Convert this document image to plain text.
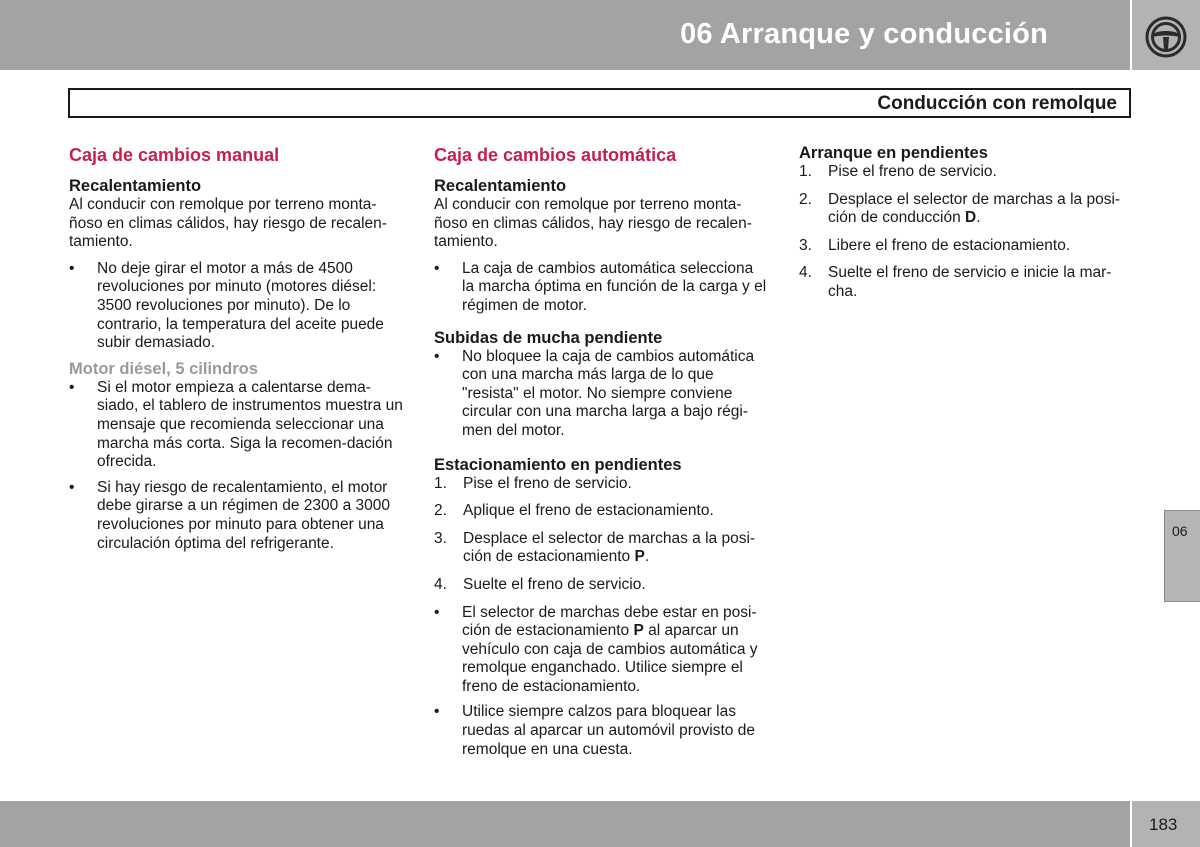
06 Arranque y conducción
Conducción con remolque
Caja de cambios manual
Recalentamiento

Al conducir con remolque por terreno monta-ñoso en climas cálidos, hay riesgo de recalen-tamiento.

•	No deje girar el motor a más de 4500 revoluciones por minuto (motores diésel: 3500 revoluciones por minuto). De lo contrario, la temperatura del aceite puede subir demasiado.
Motor diésel, 5 cilindros
•	Si el motor empieza a calentarse dema-siado, el tablero de instrumentos muestra un mensaje que recomienda seleccionar una marcha más corta. Siga la recomen-dación ofrecida.
•	Si hay riesgo de recalentamiento, el motor debe girarse a un régimen de 2300 a 3000 revoluciones por minuto para obtener una circulación óptima del refrigerante.
Caja de cambios automática
Recalentamiento

Al conducir con remolque por terreno monta-ñoso en climas cálidos, hay riesgo de recalen-tamiento.

•	La caja de cambios automática selecciona la marcha óptima en función de la carga y el régimen de motor.
Subidas de mucha pendiente
•	No bloquee la caja de cambios automática con una marcha más larga de lo que "resista" el motor. No siempre conviene circular con una marcha larga a bajo régi-men del motor.
Estacionamiento en pendientes
1.	Pise el freno de servicio.
2.	Aplique el freno de estacionamiento.
3.	Desplace el selector de marchas a la posi-ción de estacionamiento P.
4.	Suelte el freno de servicio.
•	El selector de marchas debe estar en posi-ción de estacionamiento P al aparcar un vehículo con caja de cambios automática y remolque enganchado. Utilice siempre el freno de estacionamiento.
•	Utilice siempre calzos para bloquear las ruedas al aparcar un automóvil provisto de remolque en una cuesta.
Arranque en pendientes
1.	Pise el freno de servicio.
2.	Desplace el selector de marchas a la posi-ción de conducción D.
3.	Libere el freno de estacionamiento.
4.	Suelte el freno de servicio e inicie la mar-cha.
06
183
